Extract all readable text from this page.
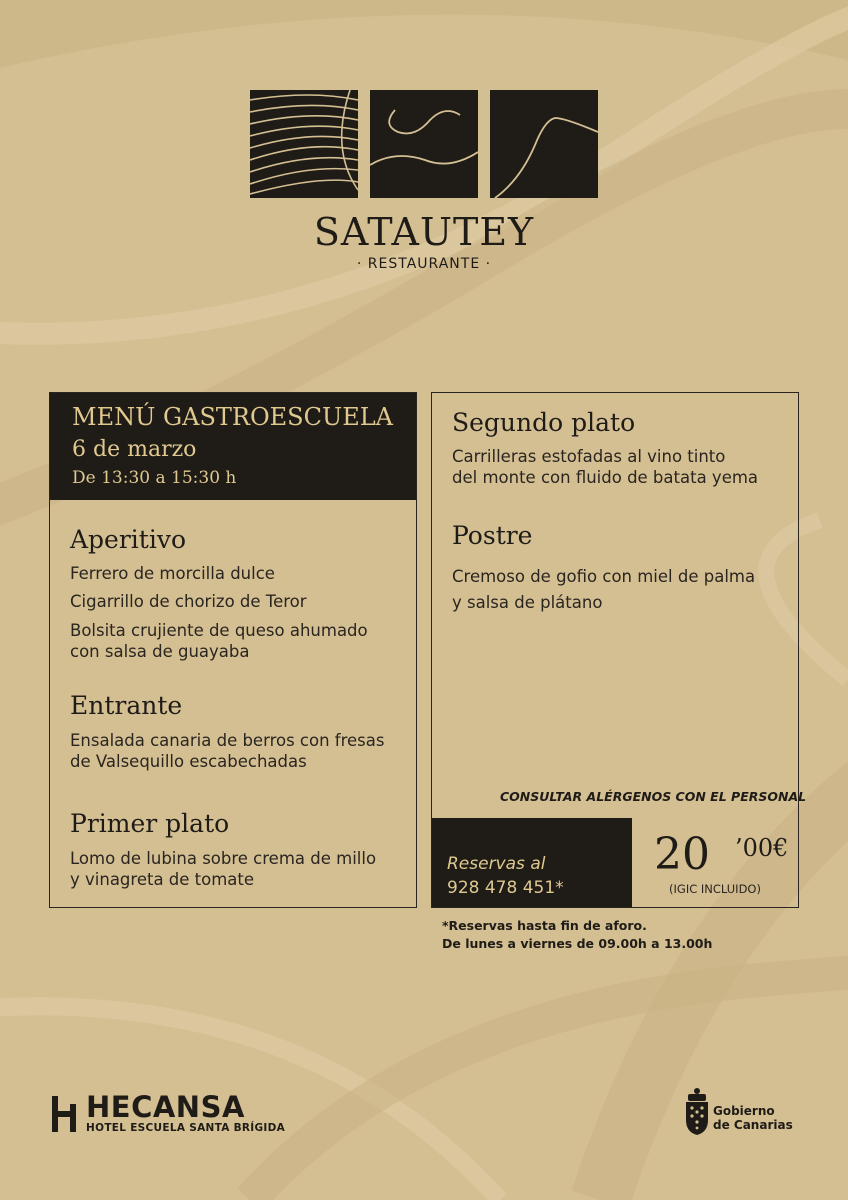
SATAUTEY
· RESTAURANTE ·
MENÚ GASTROESCUELA
6 de marzo
De 13:30 a 15:30 h
Aperitivo
Ferrero de morcilla dulce
Cigarrillo de chorizo de Teror
Bolsita crujiente de queso ahumado
con salsa de guayaba
Entrante
Ensalada canaria de berros con fresas
de Valsequillo escabechadas
Primer plato
Lomo de lubina sobre crema de millo
y vinagreta de tomate
Segundo plato
Carrilleras estofadas al vino tinto
del monte con fluido de batata yema
Postre
Cremoso de gofio con miel de palma
y salsa de plátano
CONSULTAR ALÉRGENOS CON EL PERSONAL
Reservas al
928 478 451*
20 ’00€
(IGIC INCLUIDO)
*Reservas hasta fin de aforo.
De lunes a viernes de 09.00h a 13.00h
HECANSA
HOTEL ESCUELA SANTA BRÍGIDA
Gobierno
de Canarias
